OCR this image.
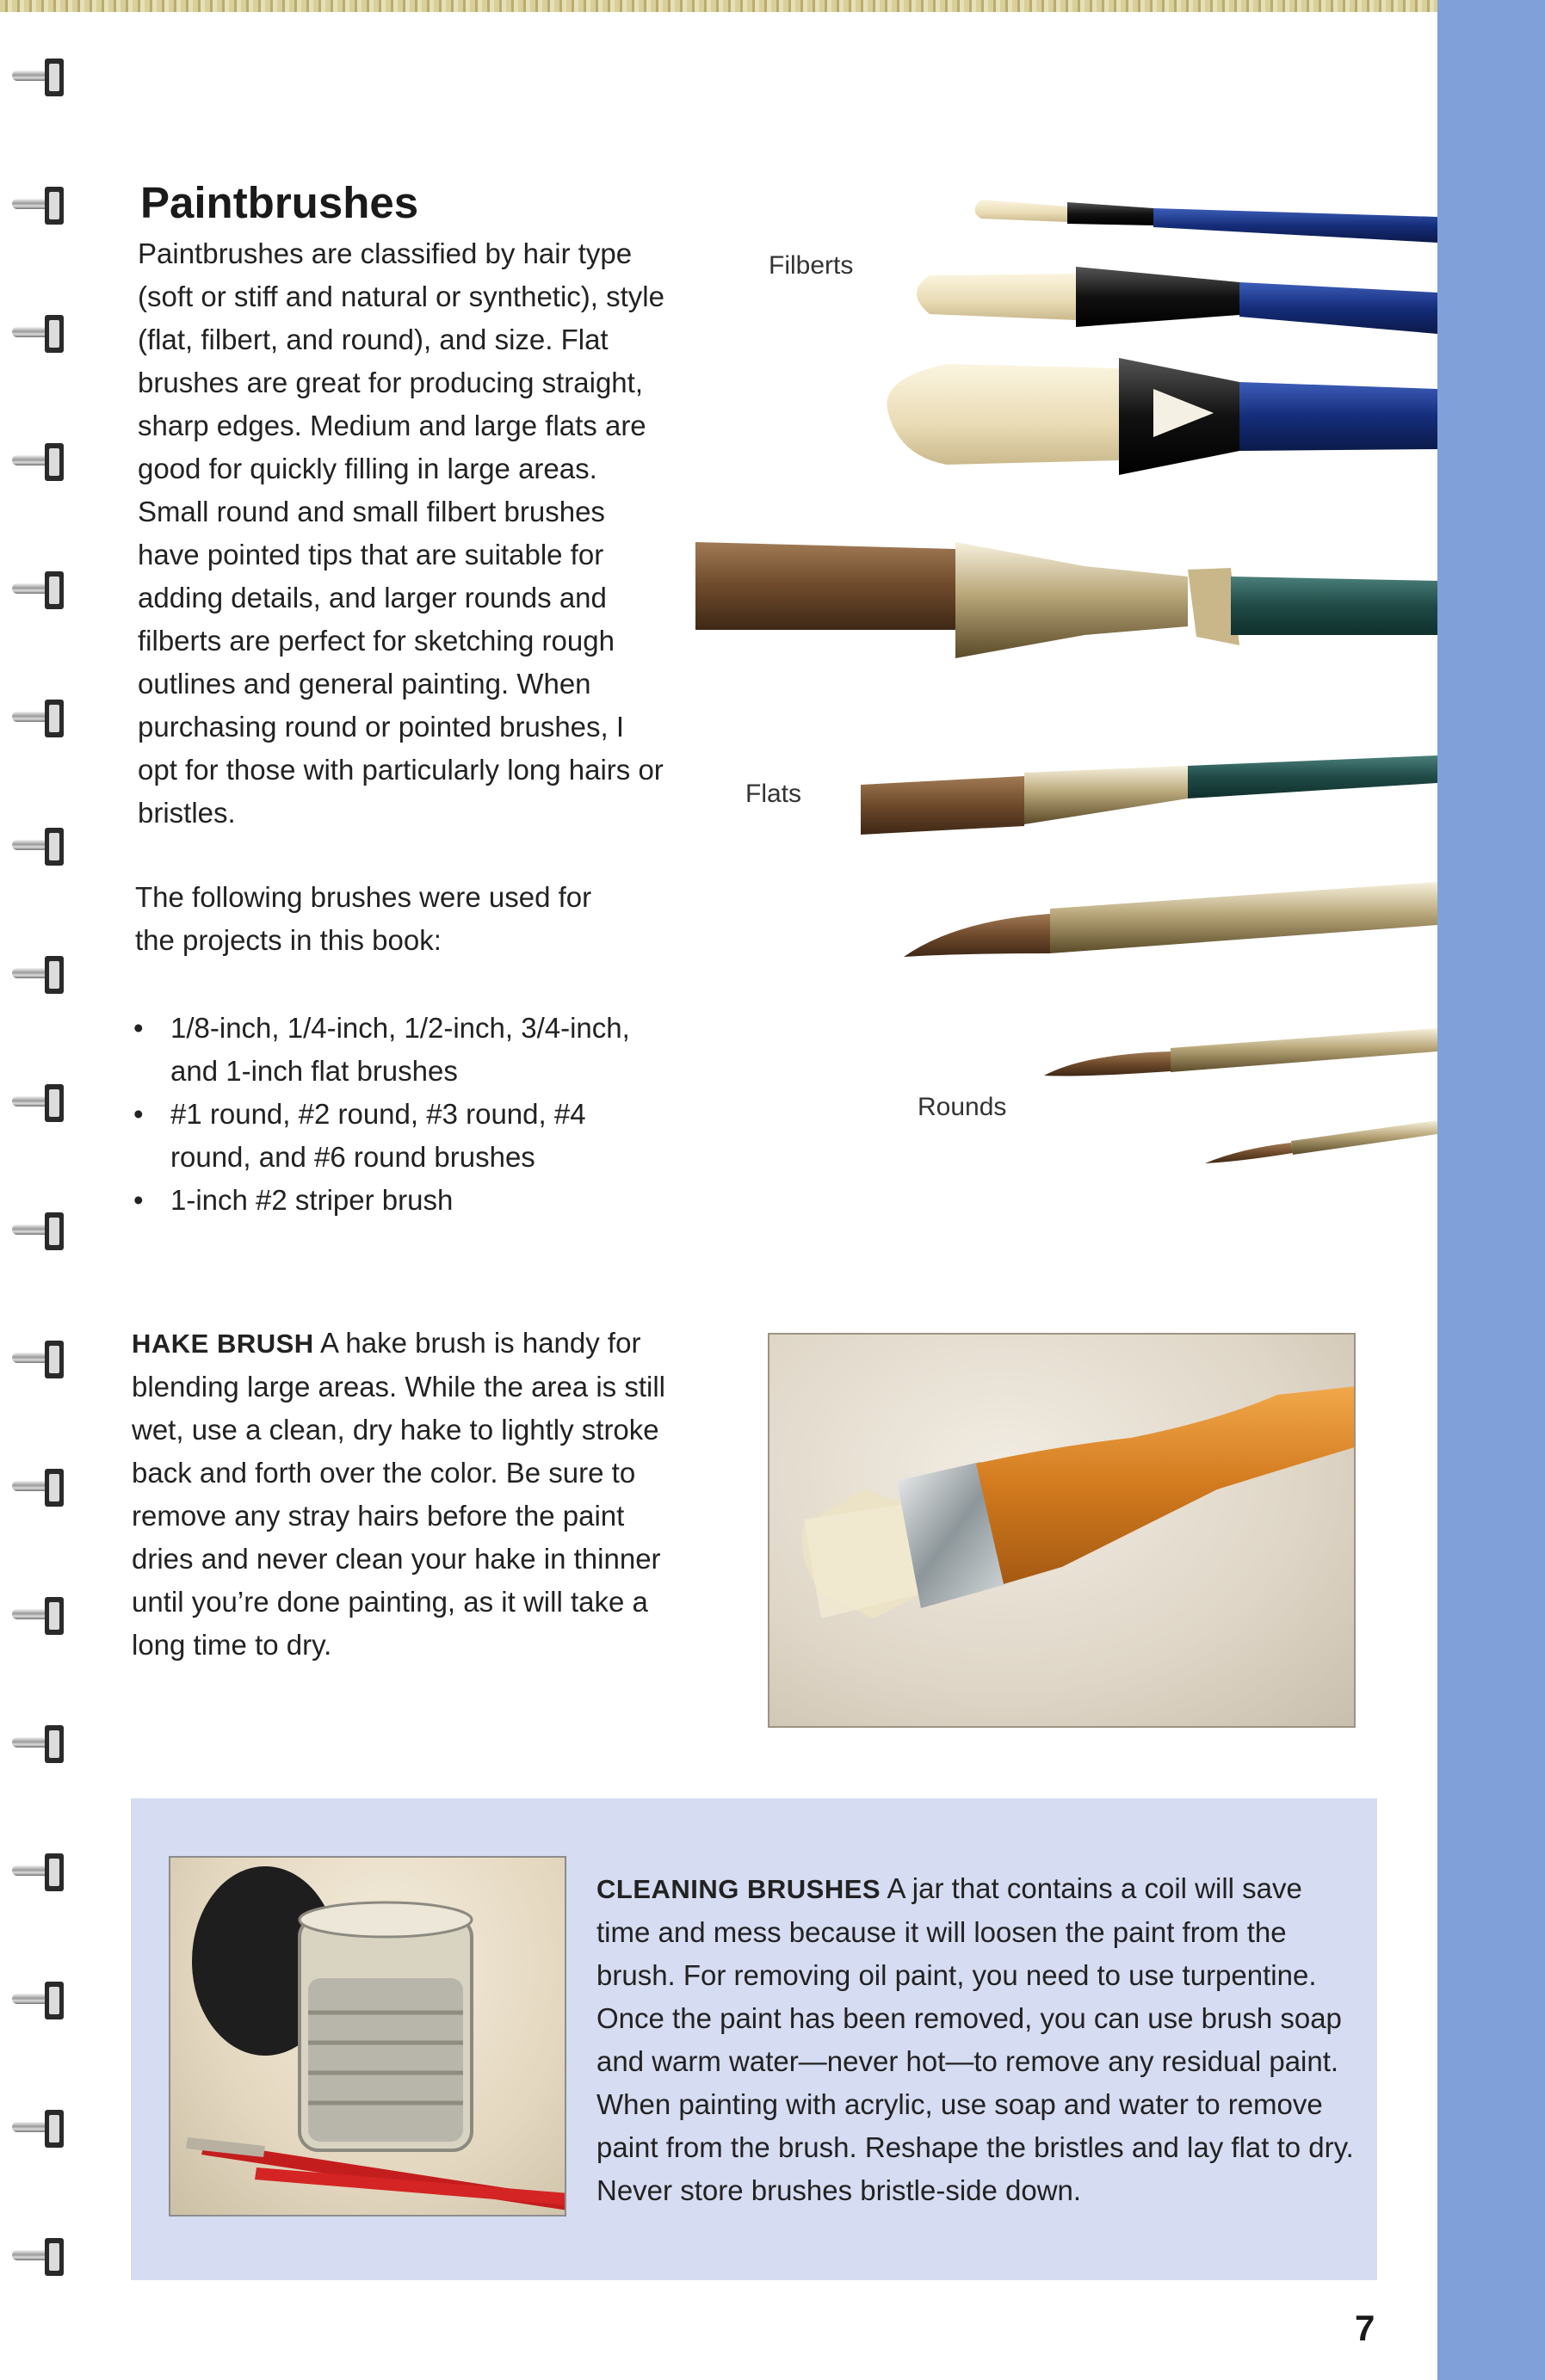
Paintbrushes

Paintbrushes are classified by hair type (soft or stiff and natural or synthetic), style (flat, filbert, and round), and size. Flat brushes are great for producing straight, sharp edges. Medium and large flats are good for quickly filling in large areas. Small round and small filbert brushes have pointed tips that are suitable for adding details, and larger rounds and filberts are perfect for sketching rough outlines and general painting. When purchasing round or pointed brushes, I opt for those with particularly long hairs or bristles.

The following brushes were used for the projects in this book:

• 1/8-inch, 1/4-inch, 1/2-inch, 3/4-inch, and 1-inch flat brushes
• #1 round, #2 round, #3 round, #4 round, and #6 round brushes
• 1-inch #2 striper brush
Filberts
Flats
Rounds

HAKE BRUSH A hake brush is handy for blending large areas. While the area is still wet, use a clean, dry hake to lightly stroke back and forth over the color. Be sure to remove any stray hairs before the paint dries and never clean your hake in thinner until you’re done painting, as it will take a long time to dry.

CLEANING BRUSHES A jar that contains a coil will save time and mess because it will loosen the paint from the brush. For removing oil paint, you need to use turpentine. Once the paint has been removed, you can use brush soap and warm water—never hot—to remove any residual paint. When painting with acrylic, use soap and water to remove paint from the brush. Reshape the bristles and lay flat to dry. Never store brushes bristle-side down.

7
